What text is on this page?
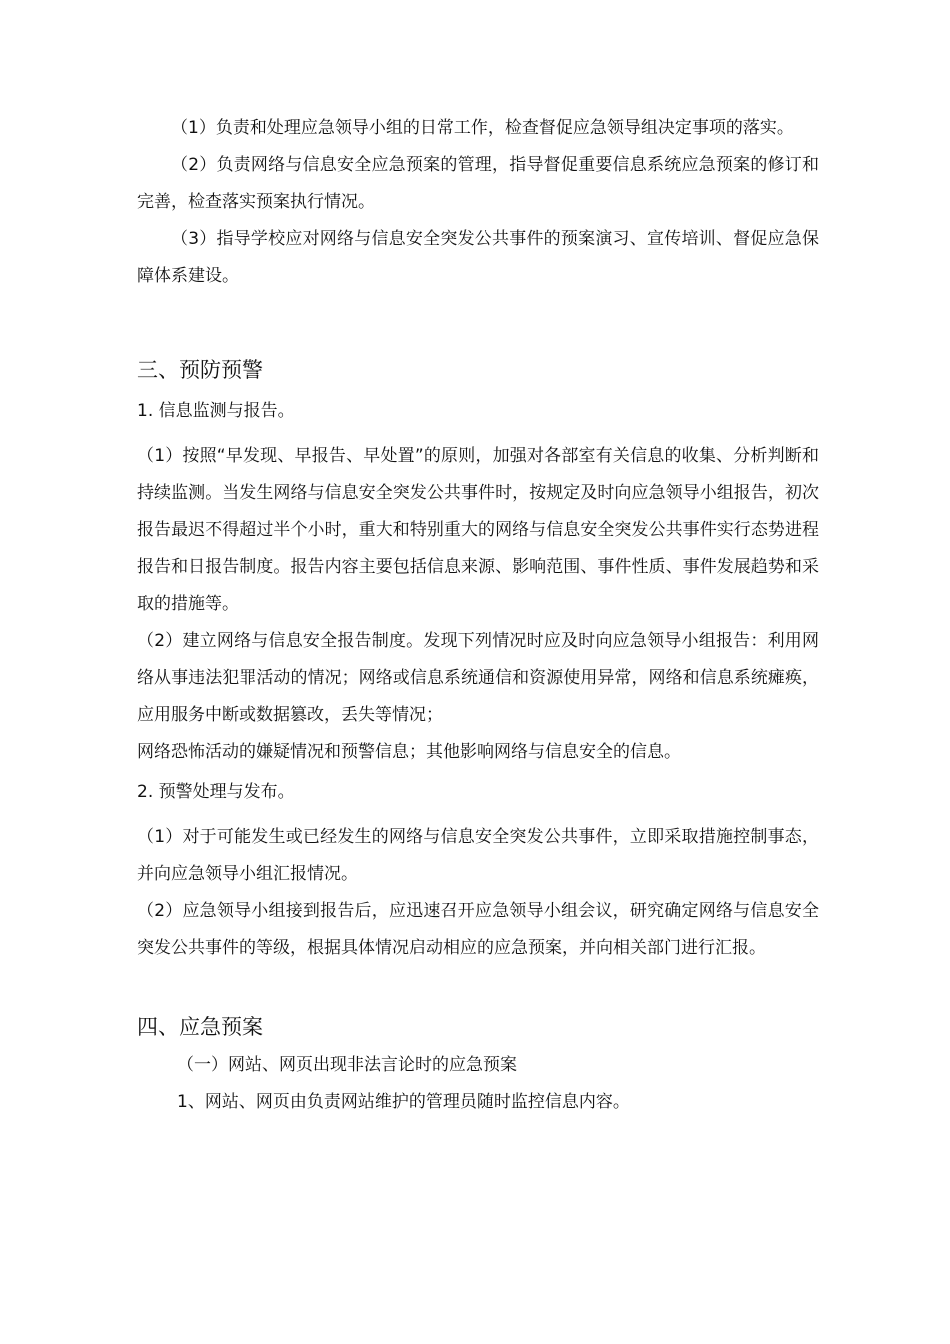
（1）负责和处理应急领导小组的日常工作，检查督促应急领导组决定事项的落实。

（2）负责网络与信息安全应急预案的管理，指导督促重要信息系统应急预案的修订和完善，检查落实预案执行情况。

（3）指导学校应对网络与信息安全突发公共事件的预案演习、宣传培训、督促应急保障体系建设。

三、预防预警

1. 信息监测与报告。

（1）按照“早发现、早报告、早处置”的原则，加强对各部室有关信息的收集、分析判断和持续监测。当发生网络与信息安全突发公共事件时，按规定及时向应急领导小组报告，初次报告最迟不得超过半个小时，重大和特别重大的网络与信息安全突发公共事件实行态势进程报告和日报告制度。报告内容主要包括信息来源、影响范围、事件性质、事件发展趋势和采取的措施等。

（2）建立网络与信息安全报告制度。发现下列情况时应及时向应急领导小组报告：利用网络从事违法犯罪活动的情况；网络或信息系统通信和资源使用异常，网络和信息系统瘫痪，应用服务中断或数据篡改，丢失等情况；

网络恐怖活动的嫌疑情况和预警信息；其他影响网络与信息安全的信息。

2. 预警处理与发布。

（1）对于可能发生或已经发生的网络与信息安全突发公共事件，立即采取措施控制事态，并向应急领导小组汇报情况。

（2）应急领导小组接到报告后，应迅速召开应急领导小组会议，研究确定网络与信息安全突发公共事件的等级，根据具体情况启动相应的应急预案，并向相关部门进行汇报。

四、应急预案

（一）网站、网页出现非法言论时的应急预案

1、网站、网页由负责网站维护的管理员随时监控信息内容。
